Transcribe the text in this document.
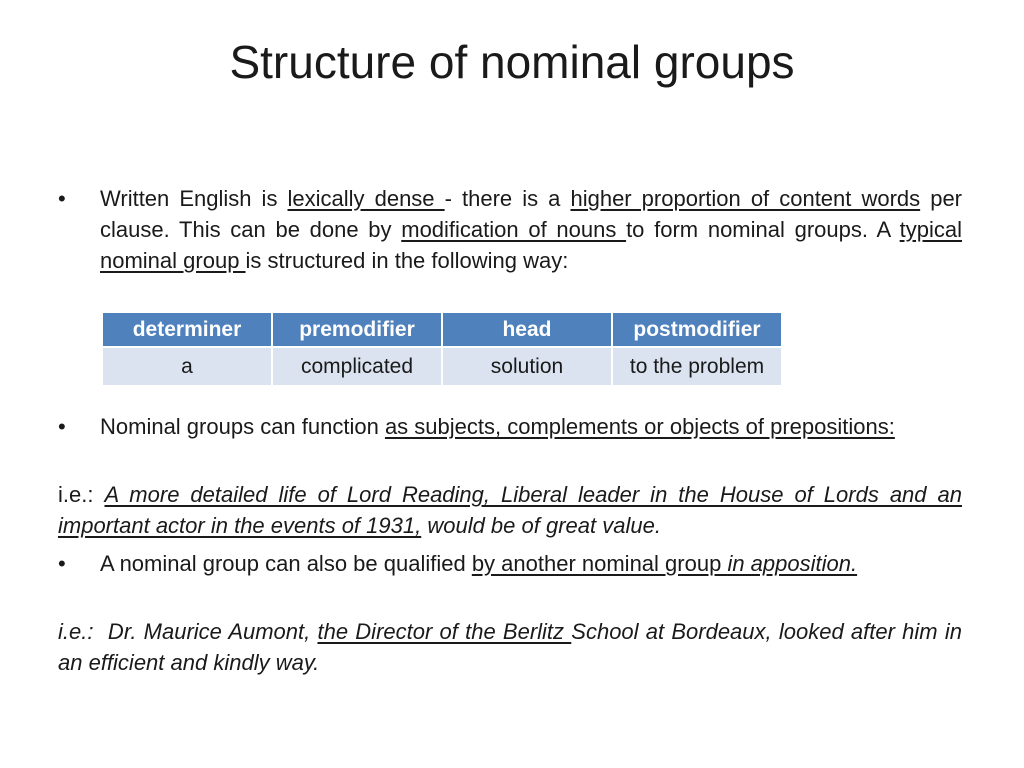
Structure of nominal groups
• Written English is lexically dense - there is a higher proportion of content words per clause. This can be done by modification of nouns to form nominal groups. A typical nominal group is structured in the following way:
determiner	premodifier	head	postmodifier
a	complicated	solution	to the problem
• Nominal groups can function as subjects, complements or objects of prepositions:
i.e.: A more detailed life of Lord Reading, Liberal leader in the House of Lords and an important actor in the events of 1931, would be of great value.
• A nominal group can also be qualified by another nominal group in apposition.
i.e.:  Dr. Maurice Aumont, the Director of the Berlitz School at Bordeaux, looked after him in an efficient and kindly way.
